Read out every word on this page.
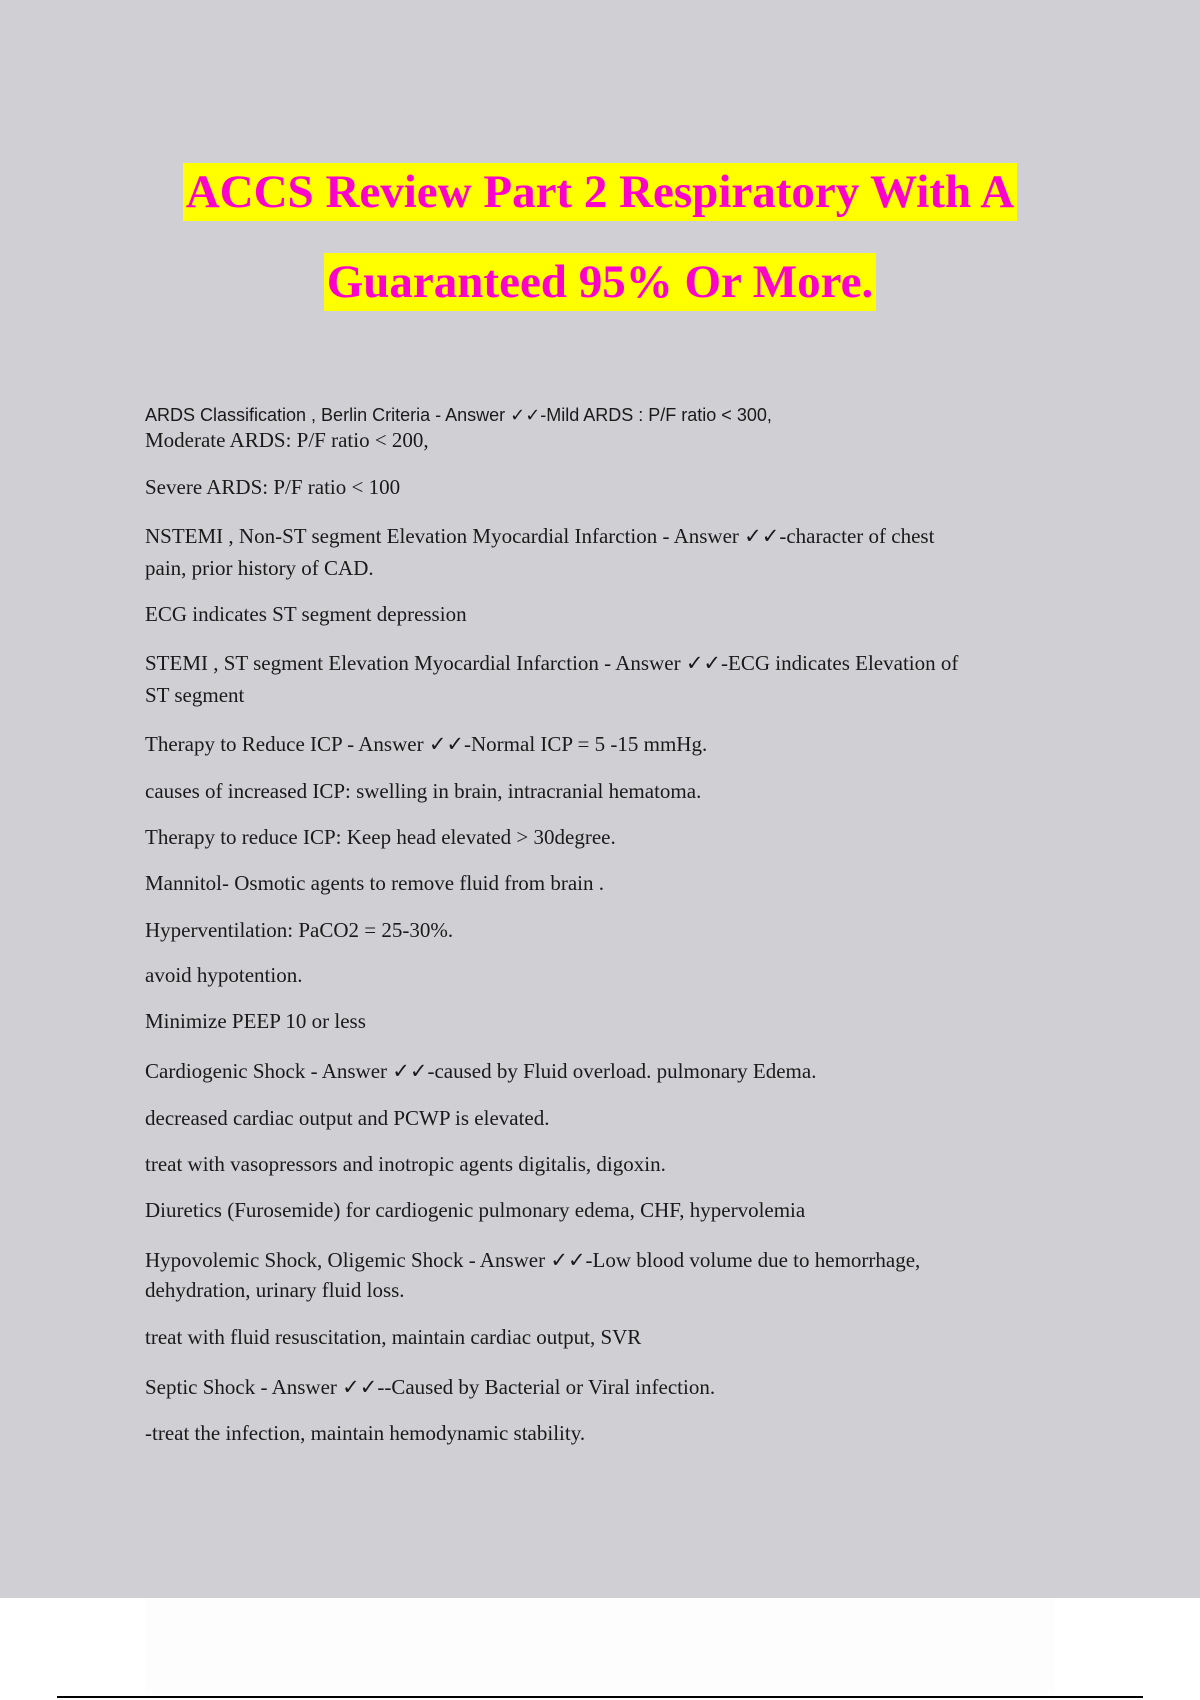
ACCS Review Part 2 Respiratory With A
Guaranteed 95% Or More.

ARDS Classification , Berlin Criteria - Answer ✓✓-Mild ARDS : P/F ratio < 300,

Moderate ARDS: P/F ratio < 200,

Severe ARDS: P/F ratio < 100

NSTEMI , Non-ST segment Elevation Myocardial Infarction - Answer ✓✓-character of chest

pain, prior history of CAD.

ECG indicates ST segment depression

STEMI , ST segment Elevation Myocardial Infarction - Answer ✓✓-ECG indicates Elevation of

ST segment

Therapy to Reduce ICP - Answer ✓✓-Normal ICP = 5 -15 mmHg.

causes of increased ICP: swelling in brain, intracranial hematoma.

Therapy to reduce ICP: Keep head elevated > 30degree.

Mannitol- Osmotic agents to remove fluid from brain .

Hyperventilation: PaCO2 = 25-30%.

avoid hypotention.

Minimize PEEP 10 or less

Cardiogenic Shock - Answer ✓✓-caused by Fluid overload. pulmonary Edema.

decreased cardiac output and PCWP is elevated.

treat with vasopressors and inotropic agents digitalis, digoxin.

Diuretics (Furosemide) for cardiogenic pulmonary edema, CHF, hypervolemia

Hypovolemic Shock, Oligemic Shock - Answer ✓✓-Low blood volume due to hemorrhage,

dehydration, urinary fluid loss.

treat with fluid resuscitation, maintain cardiac output, SVR

Septic Shock - Answer ✓✓--Caused by Bacterial or Viral infection.

-treat the infection, maintain hemodynamic stability.
